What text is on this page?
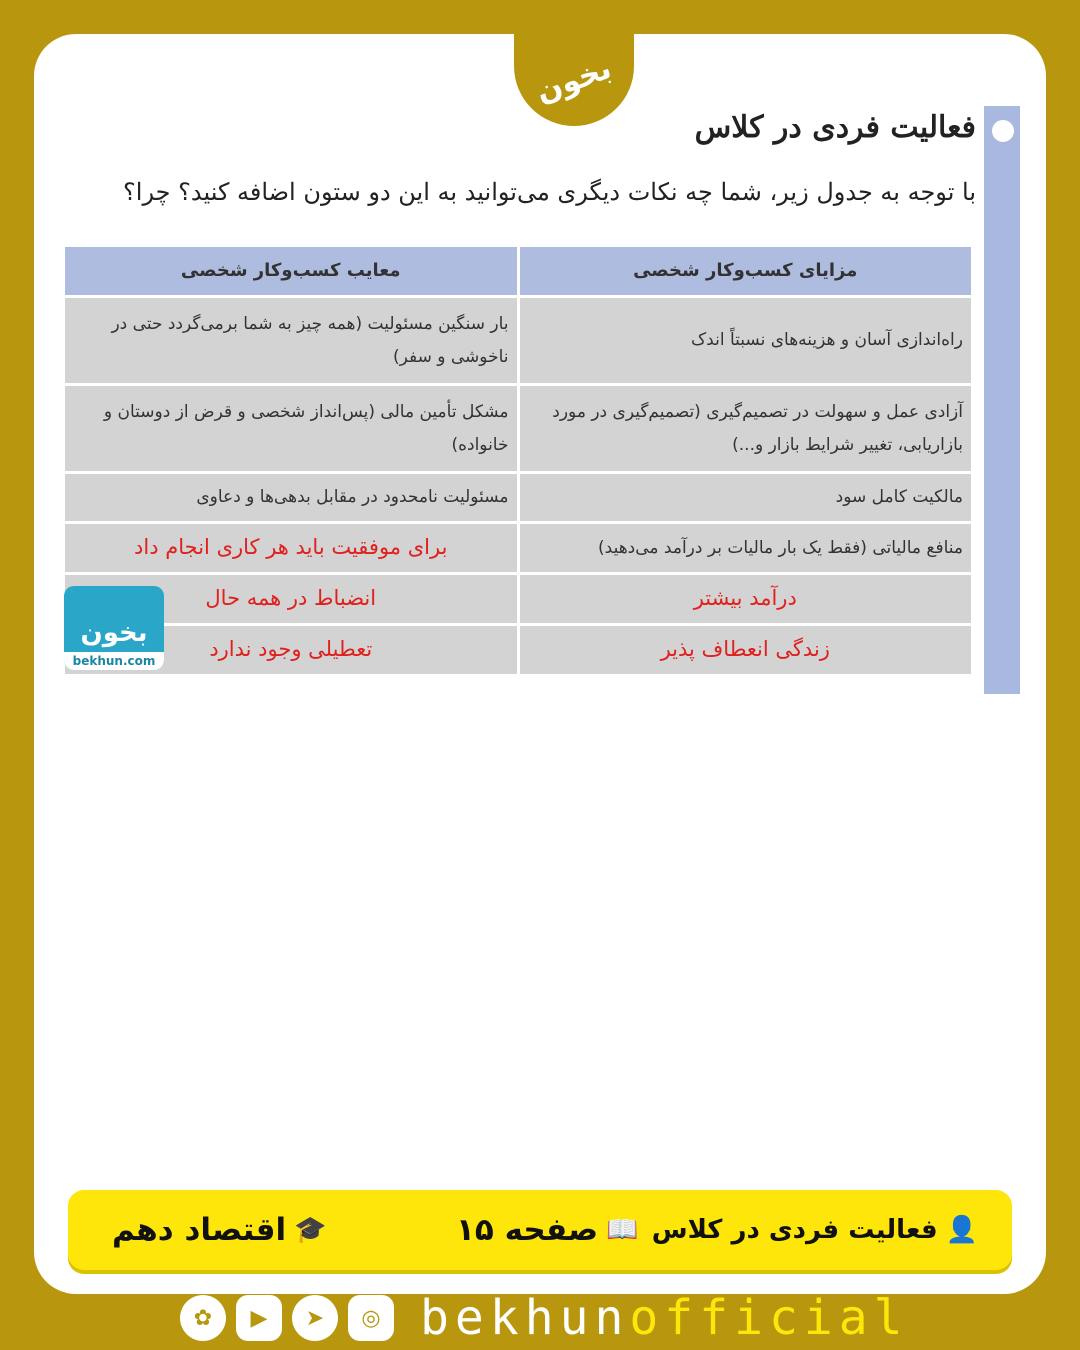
بخون
فعالیت فردی در کلاس
با توجه به جدول زیر، شما چه نکات دیگری می‌توانید به این دو ستون اضافه کنید؟ چرا؟
مزایای کسب‌وکار شخصی	معایب کسب‌وکار شخصی
راه‌اندازی آسان و هزینه‌های نسبتاً اندک	بار سنگین مسئولیت (همه چیز به شما برمی‌گردد حتی در ناخوشی و سفر)
آزادی عمل و سهولت در تصمیم‌گیری (تصمیم‌گیری در مورد بازاریابی، تغییر شرایط بازار و...)	مشکل تأمین مالی (پس‌انداز شخصی و قرض از دوستان و خانواده)
مالکیت کامل سود	مسئولیت نامحدود در مقابل بدهی‌ها و دعاوی
منافع مالیاتی (فقط یک بار مالیات بر درآمد می‌دهید)	برای موفقیت باید هر کاری انجام داد
درآمد بیشتر	انضباط در همه حال
زندگی انعطاف پذیر	تعطیلی وجود ندارد
بخون
bekhun.com
👤
فعالیت فردی در کلاس
📖
صفحه ۱۵
🎓
اقتصاد دهم
✿	▶	➤	◎ bekhunofficial
